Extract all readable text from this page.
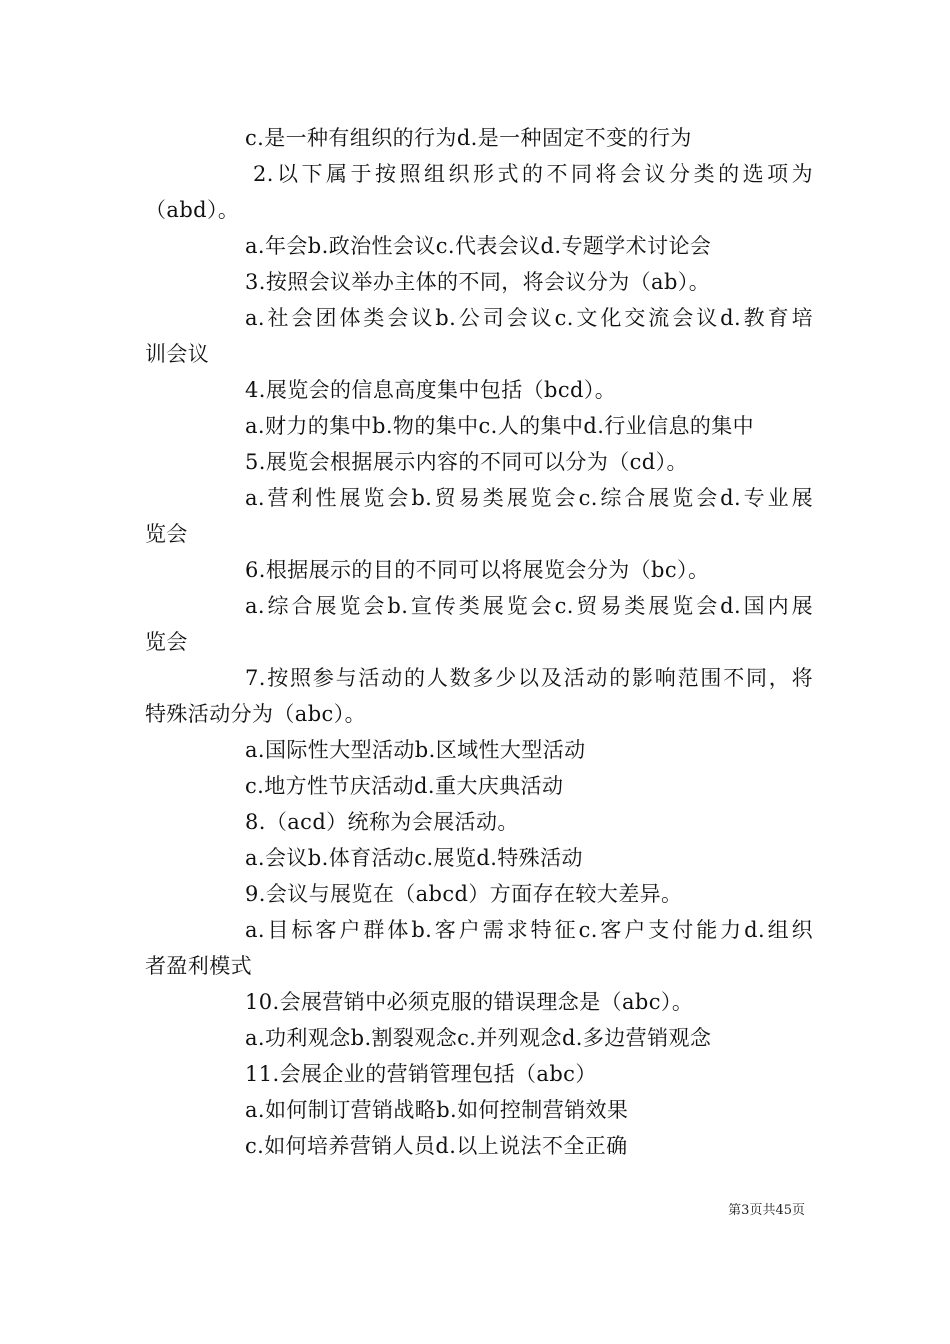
c.是一种有组织的行为d.是一种固定不变的行为
2.以下属于按照组织形式的不同将会议分类的选项为
（abd）。
a.年会b.政治性会议c.代表会议d.专题学术讨论会
3.按照会议举办主体的不同，将会议分为（ab）。
a.社会团体类会议b.公司会议c.文化交流会议d.教育培
训会议
4.展览会的信息高度集中包括（bcd）。
a.财力的集中b.物的集中c.人的集中d.行业信息的集中
5.展览会根据展示内容的不同可以分为（cd）。
a.营利性展览会b.贸易类展览会c.综合展览会d.专业展
览会
6.根据展示的目的不同可以将展览会分为（bc）。
a.综合展览会b.宣传类展览会c.贸易类展览会d.国内展
览会
7.按照参与活动的人数多少以及活动的影响范围不同，将
特殊活动分为（abc）。
a.国际性大型活动b.区域性大型活动
c.地方性节庆活动d.重大庆典活动
8.（acd）统称为会展活动。
a.会议b.体育活动c.展览d.特殊活动
9.会议与展览在（abcd）方面存在较大差异。
a.目标客户群体b.客户需求特征c.客户支付能力d.组织
者盈利模式
10.会展营销中必须克服的错误理念是（abc）。
a.功利观念b.割裂观念c.并列观念d.多边营销观念
11.会展企业的营销管理包括（abc）
a.如何制订营销战略b.如何控制营销效果
c.如何培养营销人员d.以上说法不全正确
第3页共45页
